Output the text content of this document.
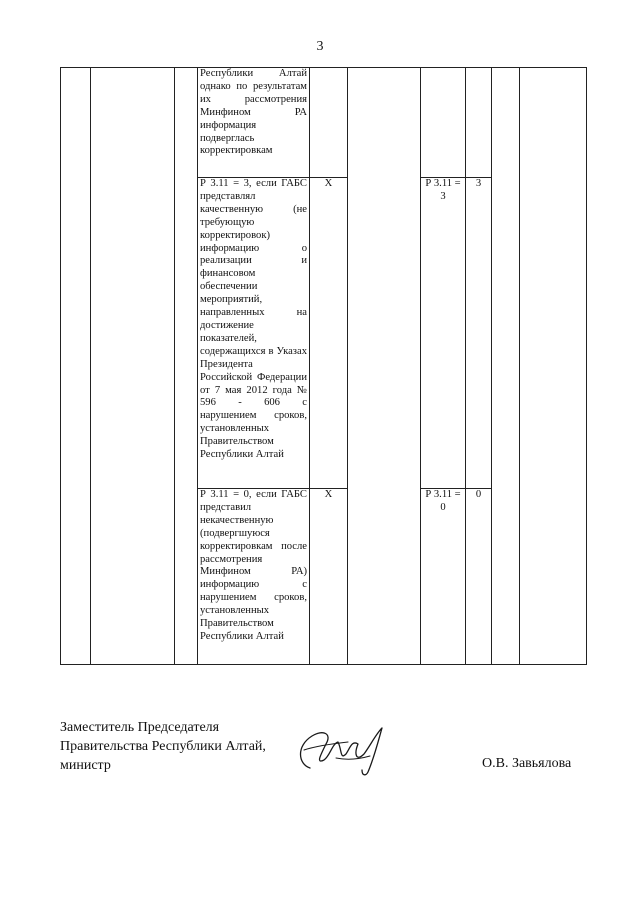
3
			Республики Алтай однако по результатам их рассмотрения Минфином РА информация подверглась корректировкам						
			Р 3.11 = 3, если ГАБС представлял качественную (не требующую корректировок) информацию о реализации и финансовом обеспечении мероприятий, направленных на достижение показателей, содержащихся в Указах Президента Российской Федерации от 7 мая 2012 года № 596 - 606 с нарушением сроков, установленных Правительством Республики Алтай	X		Р 3.11 = 3	3		
			Р 3.11 = 0, если ГАБС представил некачественную (подвергшуюся корректировкам после рассмотрения Минфином РА) информацию с нарушением сроков, установленных Правительством Республики Алтай	X		Р 3.11 = 0	0		
Заместитель Председателя
Правительства Республики Алтай,
министр	О.В. Завьялова
